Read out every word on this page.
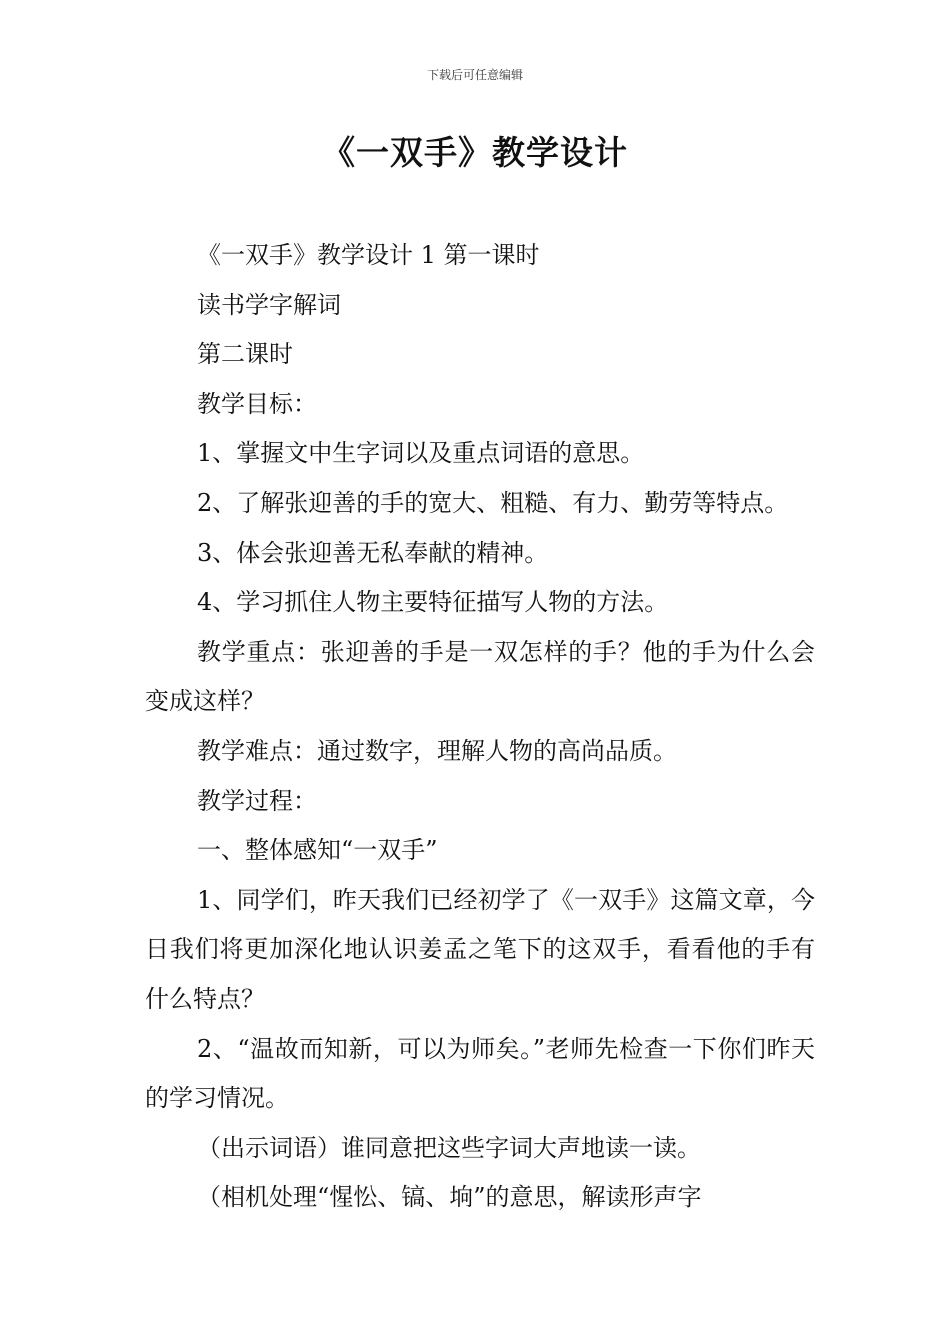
下载后可任意编辑
《一双手》教学设计

《一双手》教学设计 1 第一课时

读书学字解词

第二课时

教学目标：

1、掌握文中生字词以及重点词语的意思。

2、了解张迎善的手的宽大、粗糙、有力、勤劳等特点。

3、体会张迎善无私奉献的精神。

4、学习抓住人物主要特征描写人物的方法。

教学重点：张迎善的手是一双怎样的手？他的手为什么会变成这样？

教学难点：通过数字，理解人物的高尚品质。

教学过程：

一、整体感知“一双手”

1、同学们，昨天我们已经初学了《一双手》这篇文章，今日我们将更加深化地认识姜孟之笔下的这双手，看看他的手有什么特点？

2、“温故而知新，可以为师矣。”老师先检查一下你们昨天的学习情况。

（出示词语）谁同意把这些字词大声地读一读。

（相机处理“惺忪、镐、垧”的意思，解读形声字
